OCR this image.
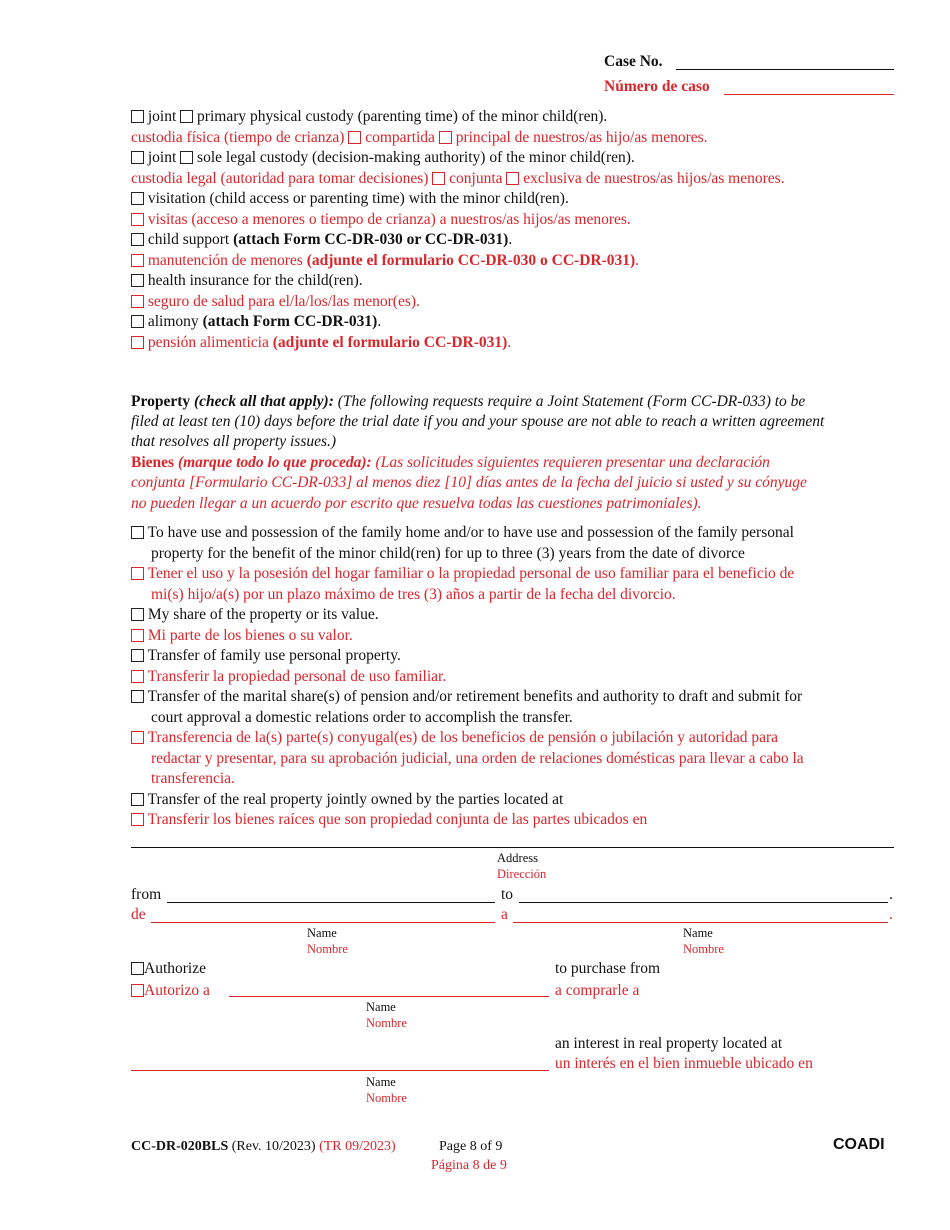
Case No.
Número de caso
joint primary physical custody (parenting time) of the minor child(ren).
custodia física (tiempo de crianza) compartida principal de nuestros/as hijo/as menores.
joint sole legal custody (decision-making authority) of the minor child(ren).
custodia legal (autoridad para tomar decisiones) conjunta exclusiva de nuestros/as hijos/as menores.
visitation (child access or parenting time) with the minor child(ren).
visitas (acceso a menores o tiempo de crianza) a nuestros/as hijos/as menores.
child support (attach Form CC-DR-030 or CC-DR-031).
manutención de menores (adjunte el formulario CC-DR-030 o CC-DR-031).
health insurance for the child(ren).
seguro de salud para el/la/los/las menor(es).
alimony (attach Form CC-DR-031).
pensión alimenticia (adjunte el formulario CC-DR-031).
Property (check all that apply): (The following requests require a Joint Statement (Form CC-DR-033) to be
filed at least ten (10) days before the trial date if you and your spouse are not able to reach a written agreement
that resolves all property issues.)
Bienes (marque todo lo que proceda): (Las solicitudes siguientes requieren presentar una declaración
conjunta [Formulario CC-DR-033] al menos diez [10] días antes de la fecha del juicio si usted y su cónyuge
no pueden llegar a un acuerdo por escrito que resuelva todas las cuestiones patrimoniales).
To have use and possession of the family home and/or to have use and possession of the family personal
property for the benefit of the minor child(ren) for up to three (3) years from the date of divorce
Tener el uso y la posesión del hogar familiar o la propiedad personal de uso familiar para el beneficio de
mi(s) hijo/a(s) por un plazo máximo de tres (3) años a partir de la fecha del divorcio.
My share of the property or its value.
Mi parte de los bienes o su valor.
Transfer of family use personal property.
Transferir la propiedad personal de uso familiar.
Transfer of the marital share(s) of pension and/or retirement benefits and authority to draft and submit for
court approval a domestic relations order to accomplish the transfer.
Transferencia de la(s) parte(s) conyugal(es) de los beneficios de pensión o jubilación y autoridad para
redactar y presentar, para su aprobación judicial, una orden de relaciones domésticas para llevar a cabo la
transferencia.
Transfer of the real property jointly owned by the parties located at
Transferir los bienes raíces que son propiedad conjunta de las partes ubicados en
Address
Dirección
from	to	.
de	a	.
Name
Nombre
Name
Nombre
Authorize	to purchase from
Autorizo a	a comprarle a
Name
Nombre
an interest in real property located at
un interés en el bien inmueble ubicado en
Name
Nombre
CC-DR-020BLS (Rev. 10/2023) (TR 09/2023)	Page 8 of 9
Página 8 de 9
COADI
